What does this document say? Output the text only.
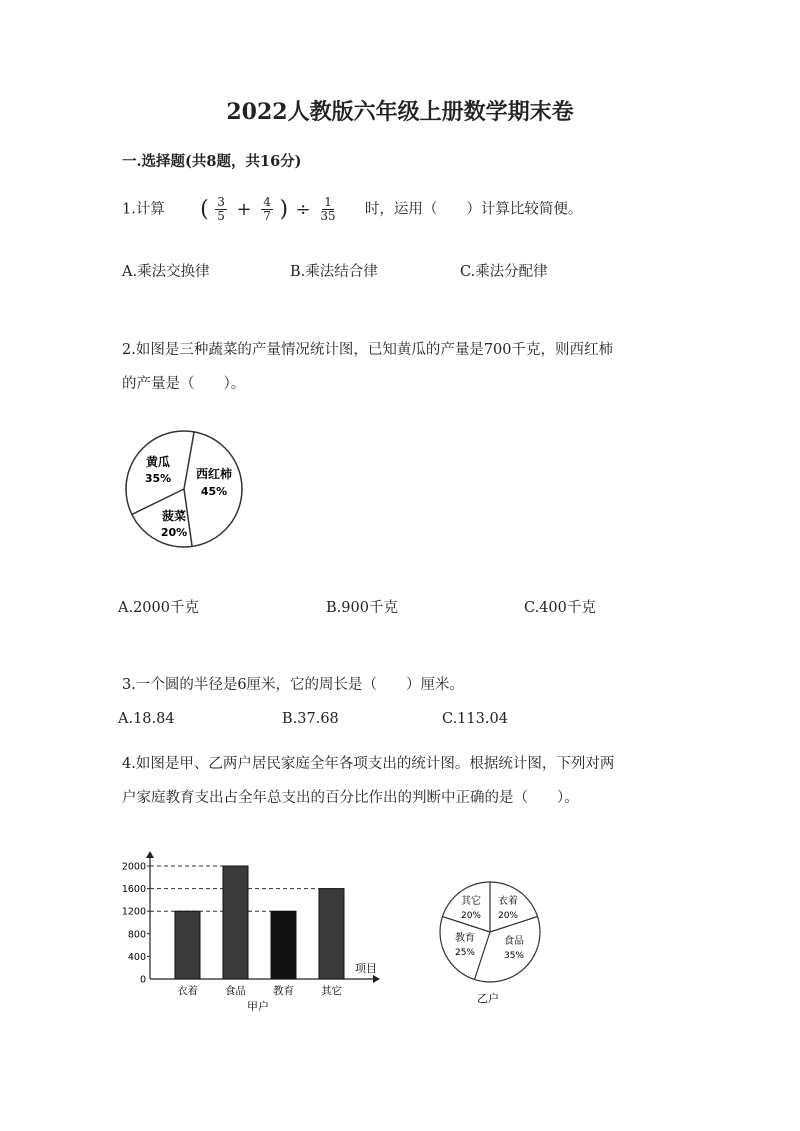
2022人教版六年级上册数学期末卷
一.选择题(共8题，共16分)
1.计算 ( $\frac{3}{5} + \frac{4}{7}$ ) ÷ $\frac{1}{35}$ 时，运用（　　）计算比较简便。
A.乘法交换律	B.乘法结合律	C.乘法分配律
2.如图是三种蔬菜的产量情况统计图，已知黄瓜的产量是700千克，则西红柿
的产量是（　　）。
黄瓜
35% 西红柿
45%
菠菜
20%
A.2000千克	B.900千克	C.400千克
3.一个圆的半径是6厘米，它的周长是（　　）厘米。
A.18.84	B.37.68	C.113.04
4.如图是甲、乙两户居民家庭全年各项支出的统计图。根据统计图，下列对两
户家庭教育支出占全年总支出的百分比作出的判断中正确的是（　　）。
0
400
800
1200
1600
2000
衣着	食品	教育	其它
项目
甲户
其它
20%
衣着
20%
教育
25%
食品
35%
乙户
